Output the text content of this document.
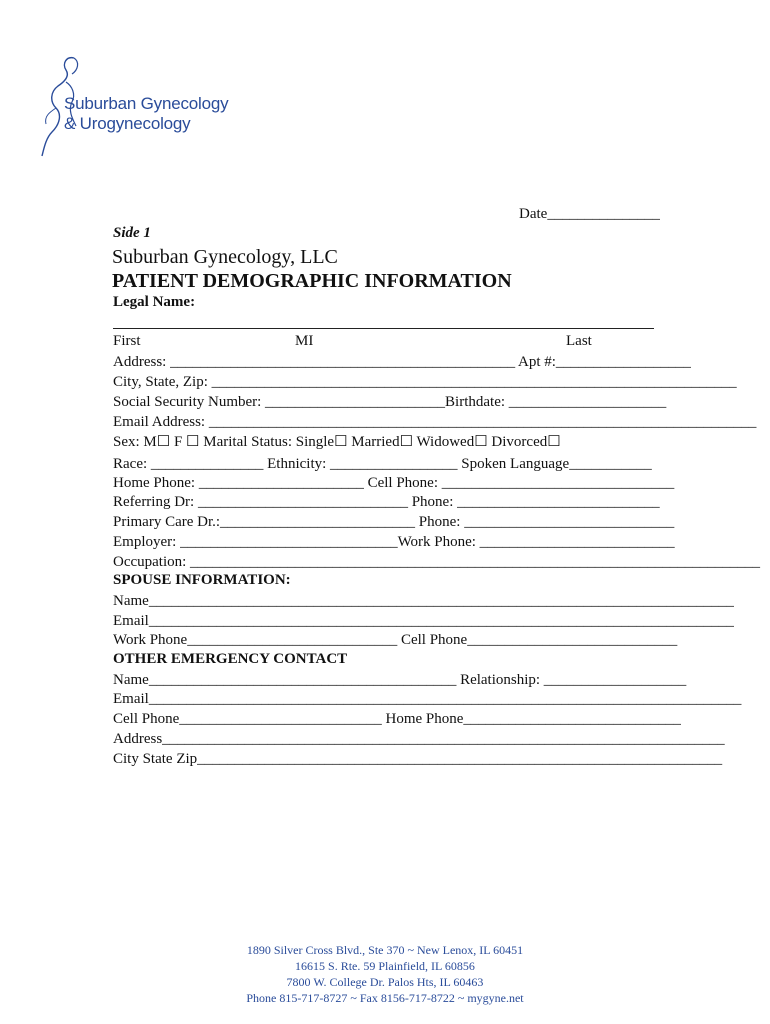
Suburban Gynecology
& Urogynecology
Date_______________
Side 1
Suburban Gynecology, LLC
PATIENT DEMOGRAPHIC INFORMATION
Legal Name:
First	MI	Last
Address: ______________________________________________ Apt #:__________________
City, State, Zip: ______________________________________________________________________
Social Security Number: ________________________Birthdate: _____________________
Email Address: _________________________________________________________________________
Sex: M☐ F ☐ Marital Status: Single☐ Married☐ Widowed☐ Divorced☐
Race: _______________ Ethnicity: _________________ Spoken Language___________
Home Phone: ______________________ Cell Phone: _______________________________
Referring Dr: ____________________________ Phone: ___________________________
Primary Care Dr.:__________________________ Phone: ____________________________
Employer: _____________________________Work Phone: __________________________
Occupation: ____________________________________________________________________________
SPOUSE INFORMATION:
Name______________________________________________________________________________
Email______________________________________________________________________________
Work Phone____________________________ Cell Phone____________________________
OTHER EMERGENCY CONTACT
Name_________________________________________ Relationship: ___________________
Email_______________________________________________________________________________
Cell Phone___________________________ Home Phone_____________________________
Address___________________________________________________________________________
City State Zip______________________________________________________________________
1890 Silver Cross Blvd., Ste 370 ~ New Lenox, IL 60451
16615 S. Rte. 59 Plainfield, IL 60856
7800 W. College Dr. Palos Hts, IL 60463
Phone 815-717-8727 ~ Fax 8156-717-8722 ~ mygyne.net
